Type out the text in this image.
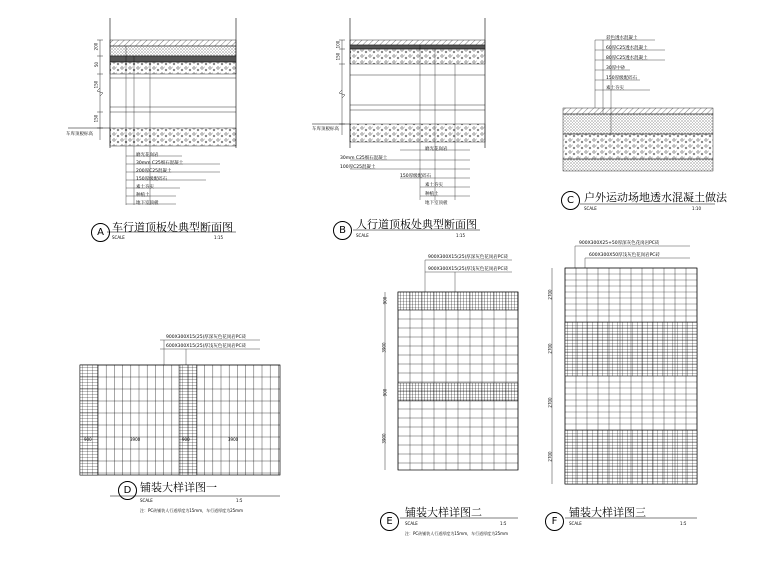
A 车行道顶板处典型断面图
SCALE	1:15
车库顶板标高
磨光花岗岩
30mm C25细石混凝土
200厚C25混凝土
150厚级配碎石
素土夯实
种植土
地下室顶板
200
50
150
150
B 人行道顶板处典型断面图
SCALE	1:15
车库顶板标高
磨光花岗岩
30mm C25细石混凝土
100厚C25混凝土
150厚级配碎石
素土夯实
种植土
地下室顶板
100
150
C 户外运动场地透水混凝土做法
SCALE	1:10
彩色透水混凝土
60厚C25透水混凝土
80厚C25透水混凝土
30厚中砂
150厚级配碎石
素土夯实
D 铺装大样详图一
SCALE	1:5
900X300X15(25)厚深灰色花岗岩PC砖
600X300X15(25)厚浅灰色花岗岩PC砖
注：PC砖铺装人行道厚度为15mm，车行道厚度为25mm
900	3900	900	3900
E
铺装大样详图二
SCALE	1:5
900X300X15(25)厚深灰色花岗岩PC砖
900X300X15(25)厚浅灰色花岗岩PC砖
注：PC砖铺装人行道厚度为15mm，车行道厚度为25mm
900
3900
900
3900
F
铺装大样详图三
SCALE	1:5
900X300X25+50厚深灰色花岗岩PC砖
600X300X50厚浅灰色花岗岩PC砖
2700
2700
2700
2700
